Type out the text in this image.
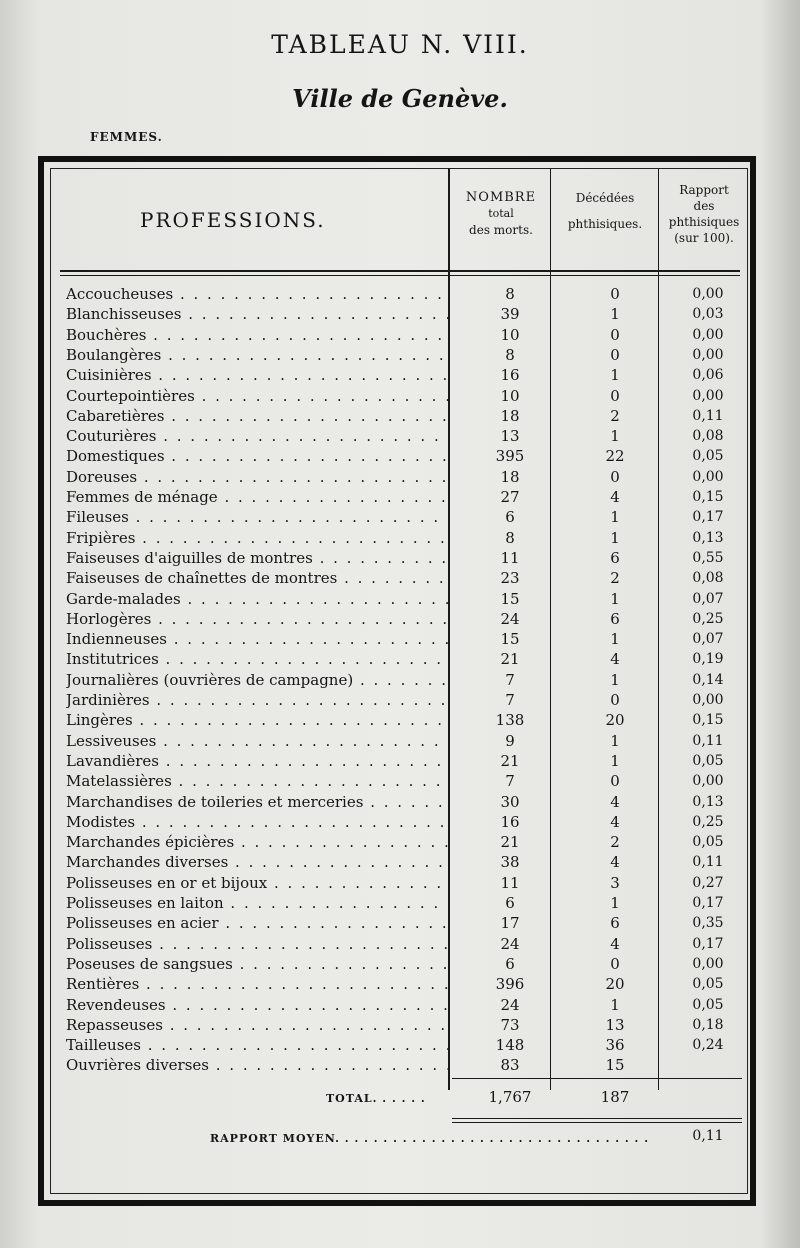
TABLEAU N. VIII.
Ville de Genève.
FEMMES.
PROFESSIONS.
NOMBRE
total
des morts.
Décédées
phthisiques.
Rapport
des
phthisiques
(sur 100).
Accoucheuses . . .	8	0	0,00
Blanchisseuses . . .	39	1	0,03
Bouchères . . .	10	0	0,00
Boulangères . . .	8	0	0,00
Cuisinières . . .	16	1	0,06
Courtepointières . . .	10	0	0,00
Cabaretières . . .	18	2	0,11
Couturières . . .	13	1	0,08
Domestiques . . .	395	22	0,05
Doreuses . . .	18	0	0,00
Femmes de ménage . . .	27	4	0,15
Fileuses . . .	6	1	0,17
Fripières . . .	8	1	0,13
Faiseuses d'aiguilles de montres . . .	11	6	0,55
Faiseuses de chaînettes de montres . . .	23	2	0,08
Garde-malades . . .	15	1	0,07
Horlogères . . .	24	6	0,25
Indienneuses . . .	15	1	0,07
Institutrices . . .	21	4	0,19
Journalières (ouvrières de campagne) . . .	7	1	0,14
Jardinières . . .	7	0	0,00
Lingères . . .	138	20	0,15
Lessiveuses . . .	9	1	0,11
Lavandières . . .	21	1	0,05
Matelassières . . .	7	0	0,00
Marchandises de toileries et merceries . . .	30	4	0,13
Modistes . . .	16	4	0,25
Marchandes épicières . . .	21	2	0,05
Marchandes diverses . . .	38	4	0,11
Polisseuses en or et bijoux . . .	11	3	0,27
Polisseuses en laiton . . .	6	1	0,17
Polisseuses en acier . . .	17	6	0,35
Polisseuses . . .	24	4	0,17
Poseuses de sangsues . . .	6	0	0,00
Rentières . . .	396	20	0,05
Revendeuses . . .	24	1	0,05
Repasseuses . . .	73	13	0,18
Tailleuses . . .	148	36	0,24
Ouvrières diverses . . .	83	15
TOTAL. . . .	1,767	187
RAPPORT MOYEN. . . .	0,11
